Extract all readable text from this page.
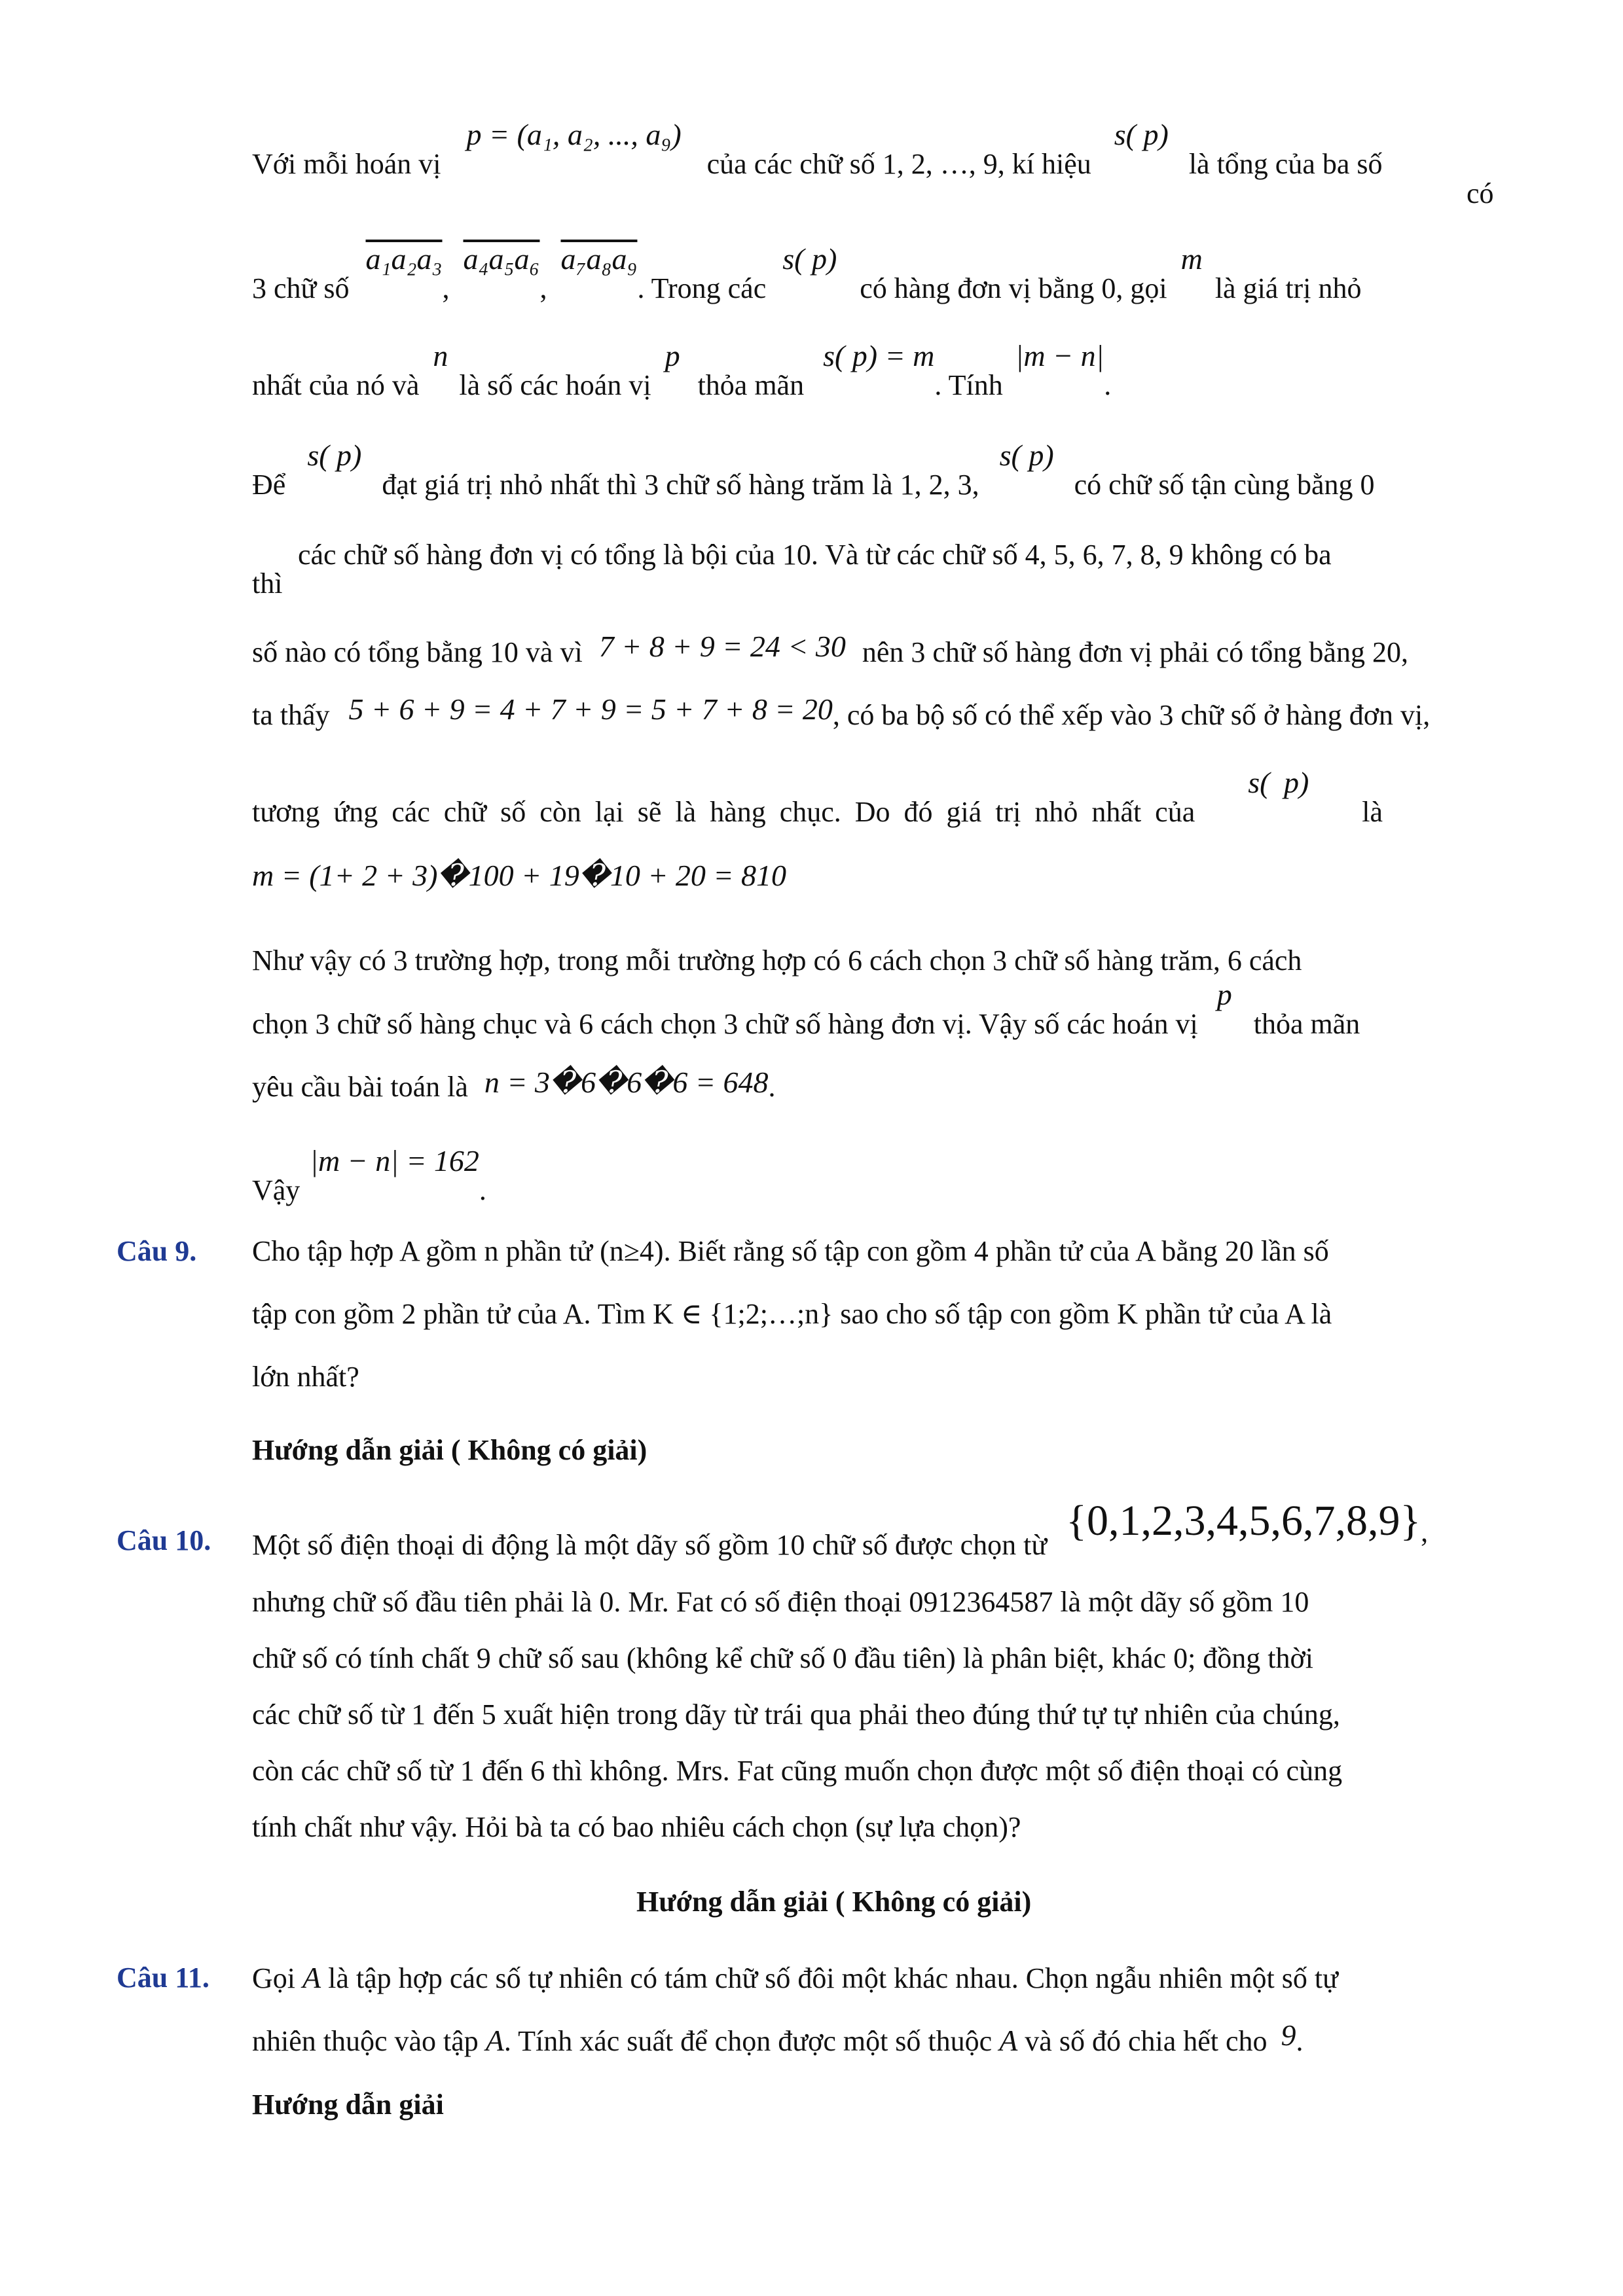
Với mỗi hoán vị p = (a₁, a₂, ..., a₉) của các chữ số 1, 2, …, 9, kí hiệu s( p) là tổng của ba số
có
3 chữ số a₁a₂a₃, a₄a₅a₆, a₇a₈a₉. Trong các s( p) có hàng đơn vị bằng 0, gọi m là giá trị nhỏ
nhất của nó và n là số các hoán vị p thỏa mãn s( p) = m. Tính |m − n|.
Để s( p) đạt giá trị nhỏ nhất thì 3 chữ số hàng trăm là 1, 2, 3, s( p) có chữ số tận cùng bằng 0
các chữ số hàng đơn vị có tổng là bội của 10. Và từ các chữ số 4, 5, 6, 7, 8, 9 không có ba
thì
số nào có tổng bằng 10 và vì 7 + 8 + 9 = 24 < 30 nên 3 chữ số hàng đơn vị phải có tổng bằng 20,
ta thấy 5 + 6 + 9 = 4 + 7 + 9 = 5 + 7 + 8 = 20, có ba bộ số có thể xếp vào 3 chữ số ở hàng đơn vị,
tương ứng các chữ số còn lại sẽ là hàng chục. Do đó giá trị nhỏ nhất của s( p) là
m = (1+ 2 + 3)�100 + 19�10 + 20 = 810
Như vậy có 3 trường hợp, trong mỗi trường hợp có 6 cách chọn 3 chữ số hàng trăm, 6 cách
chọn 3 chữ số hàng chục và 6 cách chọn 3 chữ số hàng đơn vị. Vậy số các hoán vị p thỏa mãn
yêu cầu bài toán là n = 3�6�6�6 = 648.
Vậy |m − n| = 162.
Câu 9. Cho tập hợp A gồm n phần tử (n≥4). Biết rằng số tập con gồm 4 phần tử của A bằng 20 lần số
tập con gồm 2 phần tử của A. Tìm K ∈ {1;2;…;n} sao cho số tập con gồm K phần tử của A là
lớn nhất?
Hướng dẫn giải ( Không có giải)
Câu 10. Một số điện thoại di động là một dãy số gồm 10 chữ số được chọn từ {0,1,2,3,4,5,6,7,8,9},
nhưng chữ số đầu tiên phải là 0. Mr. Fat có số điện thoại 0912364587 là một dãy số gồm 10
chữ số có tính chất 9 chữ số sau (không kể chữ số 0 đầu tiên) là phân biệt, khác 0; đồng thời
các chữ số từ 1 đến 5 xuất hiện trong dãy từ trái qua phải theo đúng thứ tự tự nhiên của chúng,
còn các chữ số từ 1 đến 6 thì không. Mrs. Fat cũng muốn chọn được một số điện thoại có cùng
tính chất như vậy. Hỏi bà ta có bao nhiêu cách chọn (sự lựa chọn)?
Hướng dẫn giải ( Không có giải)
Câu 11. Gọi A là tập hợp các số tự nhiên có tám chữ số đôi một khác nhau. Chọn ngẫu nhiên một số tự
nhiên thuộc vào tập A. Tính xác suất để chọn được một số thuộc A và số đó chia hết cho 9.
Hướng dẫn giải
